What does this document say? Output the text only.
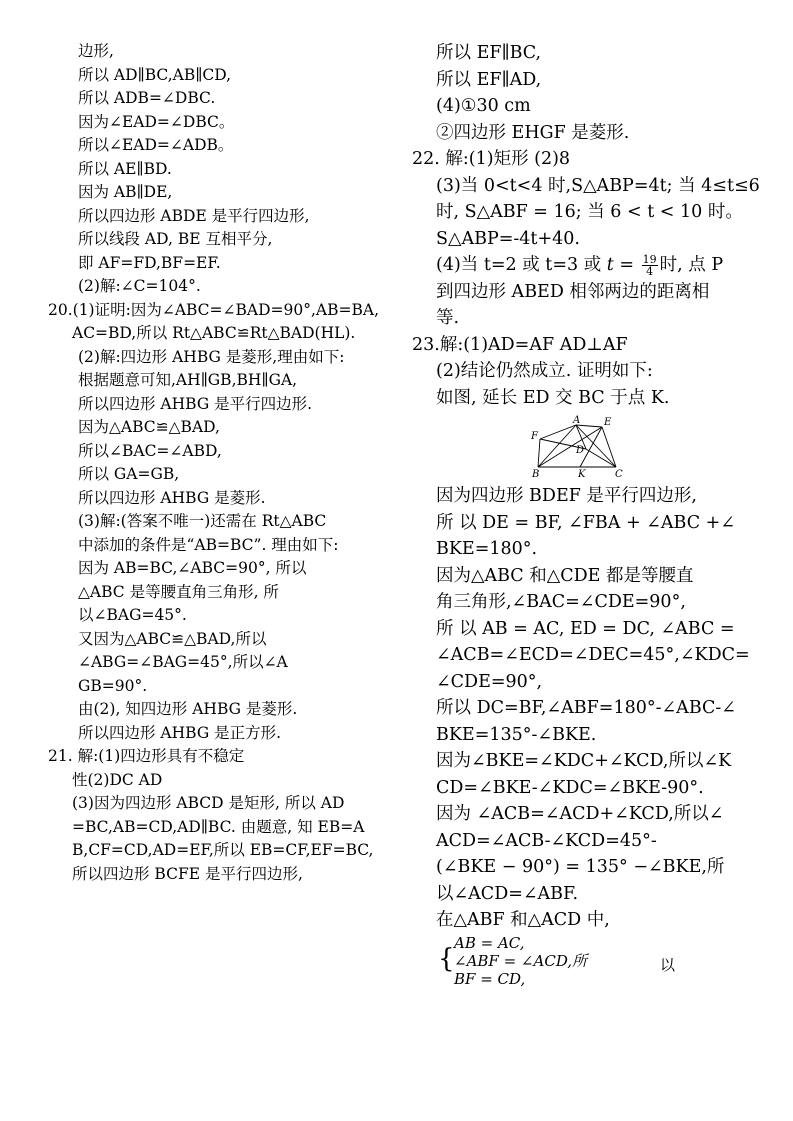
边形,
所以 AD∥BC,AB∥CD,
所以 ADB=∠DBC.
因为∠EAD=∠DBC。
所以∠EAD=∠ADB。
所以 AE∥BD.
因为 AB∥DE,
所以四边形 ABDE 是平行四边形,
所以线段 AD, BE 互相平分,
即 AF=FD,BF=EF.
(2)解:∠C=104°.
20.(1)证明:因为∠ABC=∠BAD=90°,AB=BA,
AC=BD,所以 Rt△ABC≌Rt△BAD(HL).
(2)解:四边形 AHBG 是菱形,理由如下:
根据题意可知,AH∥GB,BH∥GA,
所以四边形 AHBG 是平行四边形.
因为△ABC≌△BAD,
所以∠BAC=∠ABD,
所以 GA=GB,
所以四边形 AHBG 是菱形.
(3)解:(答案不唯一)还需在 Rt△ABC
中添加的条件是“AB=BC”. 理由如下:
因为 AB=BC,∠ABC=90°, 所以
△ABC 是等腰直角三角形, 所
以∠BAG=45°.
又因为△ABC≌△BAD,所以
∠ABG=∠BAG=45°,所以∠A
GB=90°.
由(2), 知四边形 AHBG 是菱形.
所以四边形 AHBG 是正方形.
21. 解:(1)四边形具有不稳定
性(2)DC AD
(3)因为四边形 ABCD 是矩形, 所以 AD
=BC,AB=CD,AD∥BC. 由题意, 知 EB=A
B,CF=CD,AD=EF,所以 EB=CF,EF=BC,
所以四边形 BCFE 是平行四边形,
所以 EF∥BC,
所以 EF∥AD,
(4)①30 cm
②四边形 EHGF 是菱形.
22. 解:(1)矩形 (2)8
(3)当 0<t<4 时,S△ABP=4t; 当 4≤t≤6
时, S△ABF = 16; 当 6 < t < 10 时。
S△ABP=-4t+40.
(4)当 t=2 或 t=3 或 $t = \frac{19}{4}$ 时, 点 P
到四边形 ABED 相邻两边的距离相
等.
23.解:(1)AD=AF AD⊥AF
(2)结论仍然成立. 证明如下:
如图, 延长 ED 交 BC 于点 K.
A
B	C
D
E
F
K
因为四边形 BDEF 是平行四边形,
所 以 DE = BF, ∠FBA + ∠ABC +∠
BKE=180°.
因为△ABC 和△CDE 都是等腰直
角三角形,∠BAC=∠CDE=90°,
所 以 AB = AC, ED = DC, ∠ABC =
∠ACB=∠ECD=∠DEC=45°,∠KDC=
∠CDE=90°,
所以 DC=BF,∠ABF=180°-∠ABC-∠
BKE=135°-∠BKE.
因为∠BKE=∠KDC+∠KCD,所以∠K
CD=∠BKE-∠KDC=∠BKE-90°.
因为 ∠ACB=∠ACD+∠KCD,所以∠
ACD=∠ACB-∠KCD=45°-
(∠BKE − 90°) = 135° −∠BKE,所
以∠ACD=∠ABF.
在△ABF 和△ACD 中,
{
AB = AC,
∠ABF = ∠ACD,所
BF = CD,
以
